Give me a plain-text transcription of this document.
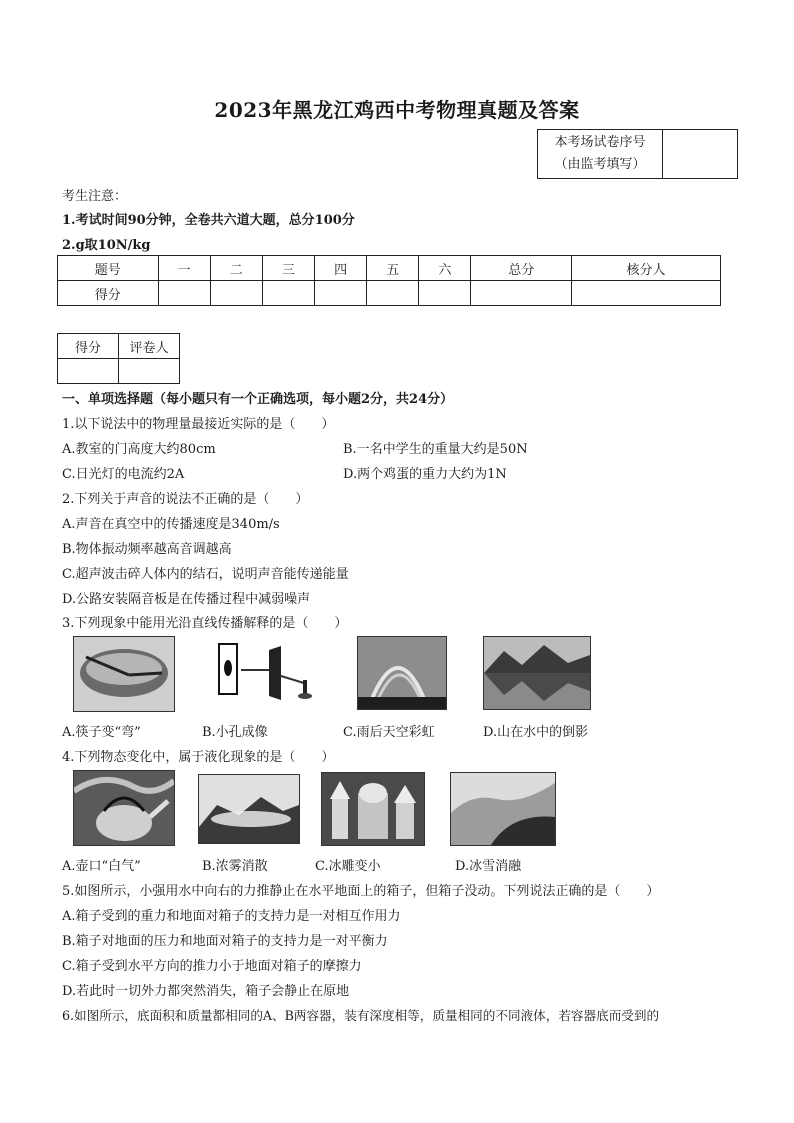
2023年黑龙江鸡西中考物理真题及答案
本考场试卷序号
（由监考填写）

考生注意：
1.考试时间90分钟，全卷共六道大题，总分100分
2.g取10N/kg
题号	一	二	三	四	五	六	总分	核分人
得分								
得分	评卷人

一、单项选择题（每小题只有一个正确选项，每小题2分，共24分）
1.以下说法中的物理量最接近实际的是（　　）
A.教室的门高度大约80cm	B.一名中学生的重量大约是50N
C.日光灯的电流约2A	D.两个鸡蛋的重力大约为1N
2.下列关于声音的说法不正确的是（　　）
A.声音在真空中的传播速度是340m/s
B.物体振动频率越高音调越高
C.超声波击碎人体内的结石，说明声音能传递能量
D.公路安装隔音板是在传播过程中减弱噪声
3.下列现象中能用光沿直线传播解释的是（　　）
A.筷子变“弯”	B.小孔成像	C.雨后天空彩虹	D.山在水中的倒影
4.下列物态变化中，属于液化现象的是（　　）
A.壶口“白气”	B.浓雾消散	C.冰雕变小	D.冰雪消融
5.如图所示，小强用水中向右的力推静止在水平地面上的箱子，但箱子没动。下列说法正确的是（　　）
A.箱子受到的重力和地面对箱子的支持力是一对相互作用力
B.箱子对地面的压力和地面对箱子的支持力是一对平衡力
C.箱子受到水平方向的推力小于地面对箱子的摩擦力
D.若此时一切外力都突然消失，箱子会静止在原地
6.如图所示，底面积和质量都相同的A、B两容器，装有深度相等，质量相同的不同液体，若容器底而受到的
